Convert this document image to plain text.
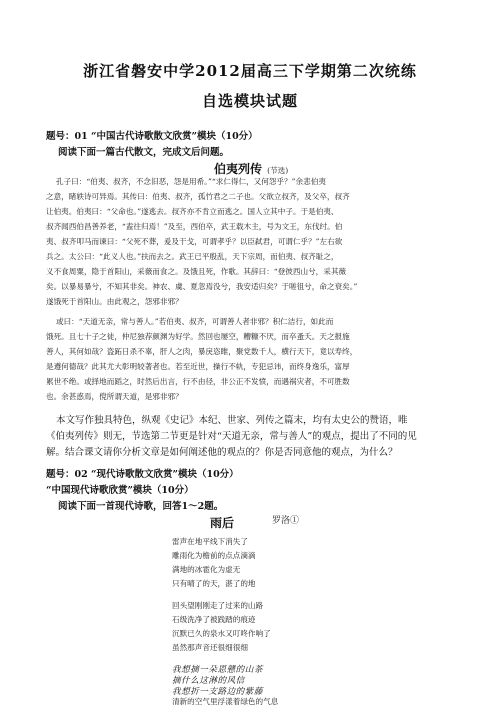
浙江省磐安中学2012届高三下学期第二次统练
自选模块试题
题号：01 “中国古代诗歌散文欣赏”模块（10分）
阅读下面一篇古代散文，完成文后问题。
伯夷列传 (节选)
孔子曰：“伯夷、叔齐，不念旧恶，怨是用希。”“求仁得仁，又何怨乎？”余悲伯夷
之意，睹轶诗可异焉。其传曰：伯夷、叔齐，孤竹君之二子也。父欲立叔齐，及父卒，叔齐
让伯夷。伯夷曰：“父命也。”遂逃去。叔齐亦不肯立而逃之。国人立其中子。于是伯夷、
叔齐闻西伯昌善养老，“盍往归焉！”及至，西伯卒，武王载木主，号为文王，东伐纣。伯
夷、叔齐叩马而谏曰：“父死不葬，爰及干戈，可谓孝乎？以臣弑君，可谓仁乎？”左右欲
兵之。太公曰：“此义人也。”扶而去之。武王已平殷乱，天下宗周，而伯夷、叔齐耻之，
义不食周粟，隐于首阳山，采薇而食之。及饿且死，作歌。其辞曰：“登彼西山兮，采其薇
矣。以暴易暴兮，不知其非矣。神农、虞、夏忽焉没兮，我安适归矣？于嗟徂兮，命之衰矣。”
遂饿死于首阳山。由此观之，怨邪非邪？
或曰：“天道无亲，常与善人。”若伯夷、叔齐，可谓善人者非邪？积仁洁行，如此而
饿死。且七十子之徒，仲尼独荐颜渊为好学。然回也屡空，糟糠不厌，而卒蚤夭。天之报施
善人，其何如哉？盗跖日杀不辜，肝人之肉，暴戾恣睢，聚党数千人，横行天下，竟以寿终，
是遵何德哉？此其尤大彰明较著者也。若至近世，操行不轨，专犯忌讳，而终身逸乐，富厚
累世不绝。或择地而蹈之，时然后出言，行不由径，非公正不发愤，而遇祸灾者，不可胜数
也。余甚惑焉，傥所谓天道，是邪非邪？
本文写作独具特色，纵观《史记》本纪、世家、列传之篇末，均有太史公的赞语，唯
《伯夷列传》则无，节选第二节更是针对“天道无亲，常与善人”的观点，提出了不同的见
解。结合课文请你分析文章是如何阐述他的观点的？你是否同意他的观点，为什么？
题号：02 “现代诗歌散文欣赏”模块（10分）
“中国现代诗歌欣赏”模块（10分）
阅读下面一首现代诗歌，回答1～2题。
雨后	罗洛①
雷声在地平线下消失了
雕雨化为檐前的点点滴滴
满地的冰雹化为虚无
只有晴了的天，湛了的地
回头望刚刚走了过来的山路
石级洗净了被践踏的痕迹
沉默已久的泉水又叮咚作响了
虽然那声音还很细很细
我想摘一朵恩戆的山茶
摘什么这淋的风信
我想折一支路边的紫藤
清新的空气里浮漾着绿色的气息
